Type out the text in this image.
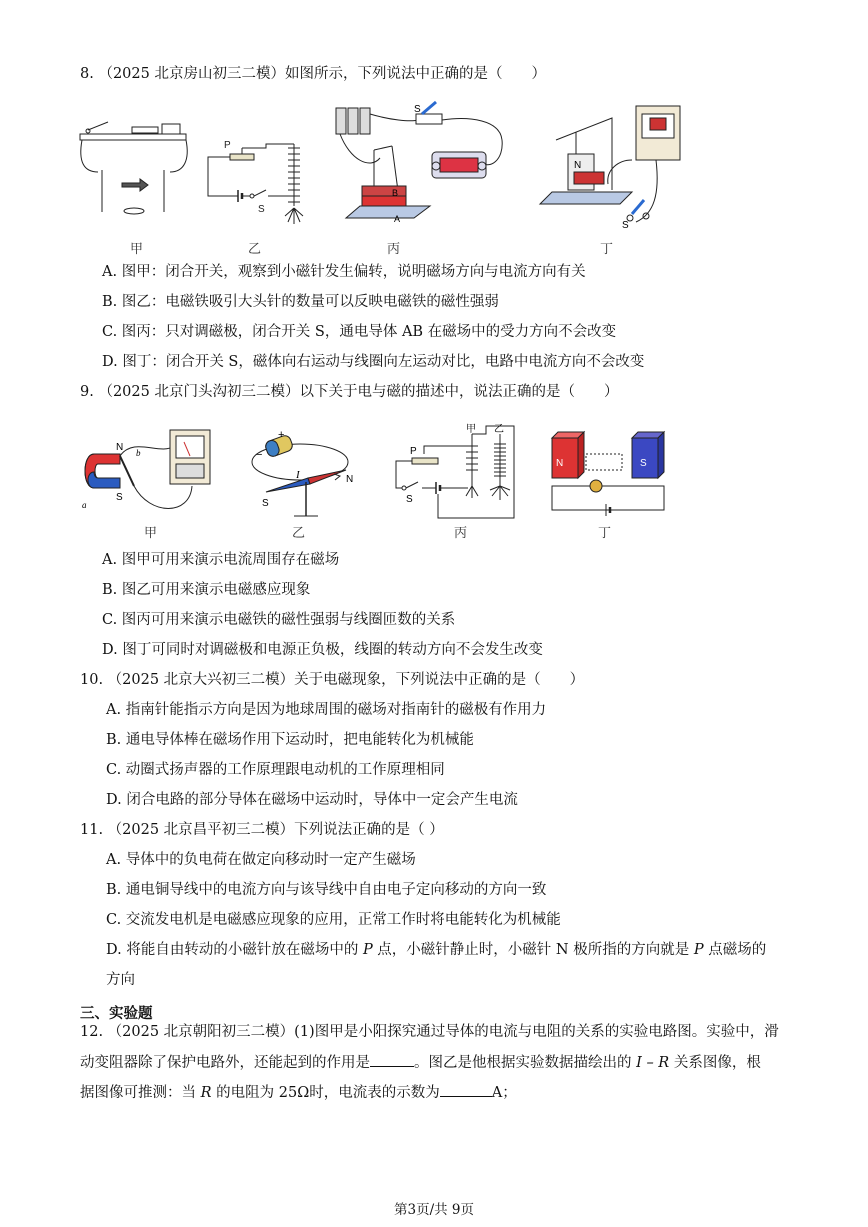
8. （2025 北京房山初三二模）如图所示，下列说法中正确的是（　　）
甲
P
S
乙
S
B
A
丙
N
S
丁
A. 图甲：闭合开关，观察到小磁针发生偏转，说明磁场方向与电流方向有关
B. 图乙：电磁铁吸引大头针的数量可以反映电磁铁的磁性强弱
C. 图丙：只对调磁极，闭合开关 S，通电导体 AB 在磁场中的受力方向不会改变
D. 图丁：闭合开关 S，磁体向右运动与线圈向左运动对比，电路中电流方向不会改变
9. （2025 北京门头沟初三二模）以下关于电与磁的描述中，说法正确的是（　　）
N
S
b
a
甲
+
−
I
S
N
乙
P
S
甲 乙
丙
N	S
丁
A. 图甲可用来演示电流周围存在磁场
B. 图乙可用来演示电磁感应现象
C. 图丙可用来演示电磁铁的磁性强弱与线圈匝数的关系
D. 图丁可同时对调磁极和电源正负极，线圈的转动方向不会发生改变
10. （2025 北京大兴初三二模）关于电磁现象，下列说法中正确的是（　　）
A. 指南针能指示方向是因为地球周围的磁场对指南针的磁极有作用力
B. 通电导体棒在磁场作用下运动时，把电能转化为机械能
C. 动圈式扬声器的工作原理跟电动机的工作原理相同
D. 闭合电路的部分导体在磁场中运动时，导体中一定会产生电流
11. （2025 北京昌平初三二模）下列说法正确的是（ ）
A. 导体中的负电荷在做定向移动时一定产生磁场
B. 通电铜导线中的电流方向与该导线中自由电子定向移动的方向一致
C. 交流发电机是电磁感应现象的应用，正常工作时将电能转化为机械能
D. 将能自由转动的小磁针放在磁场中的 P 点，小磁针静止时，小磁针 N 极所指的方向就是 P 点磁场的
方向
三、实验题
12. （2025 北京朝阳初三二模）(1)图甲是小阳探究通过导体的电流与电阻的关系的实验电路图。实验中，滑
动变阻器除了保护电路外，还能起到的作用是	。图乙是他根据实验数据描绘出的 I – R 关系图像，根
据图像可推测：当 R 的电阻为 25Ω时，电流表的示数为	A；
第3页/共 9页
